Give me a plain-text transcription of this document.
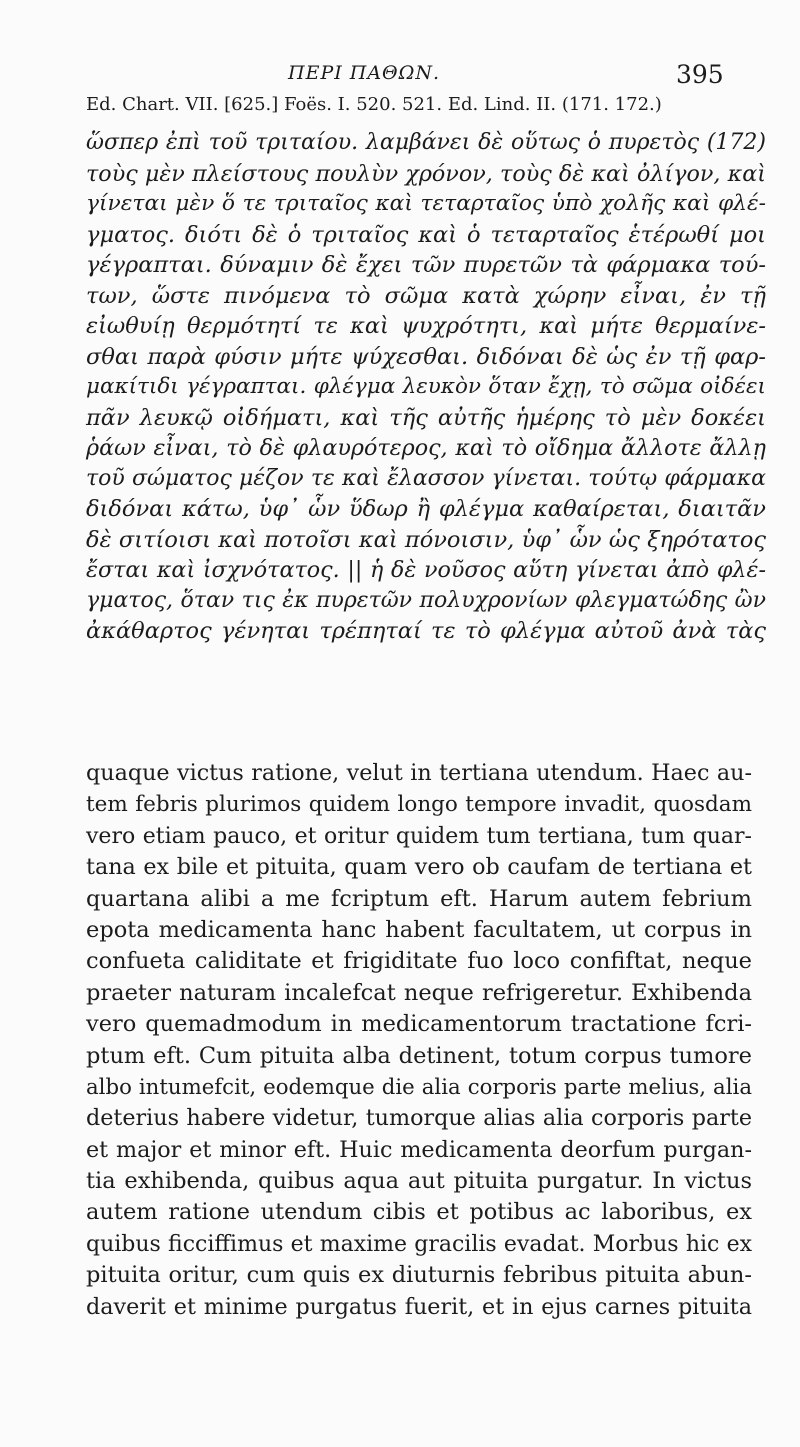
ΠΕΡΙ ΠΑΘΩΝ.	395
Ed. Chart. VII. [625.] Foës. I. 520. 521. Ed. Lind. II. (171. 172.)
ὥσπερ ἐπὶ τοῦ τριταίου. λαμβάνει δὲ οὕτως ὁ πυρετὸς (172)
τοὺς μὲν πλείστους πουλὺν χρόνον, τοὺς δὲ καὶ ὀλίγον, καὶ
γίνεται μὲν ὅ τε τριταῖος καὶ τεταρταῖος ὑπὸ χολῆς καὶ φλέ-
γματος. διότι δὲ ὁ τριταῖος καὶ ὁ τεταρταῖος ἑτέρωθί μοι
γέγραπται. δύναμιν δὲ ἔχει τῶν πυρετῶν τὰ φάρμακα τού-
των, ὥστε πινόμενα τὸ σῶμα κατὰ χώρην εἶναι, ἐν τῇ
εἰωθυίῃ θερμότητί τε καὶ ψυχρότητι, καὶ μήτε θερμαίνε-
σθαι παρὰ φύσιν μήτε ψύχεσθαι. διδόναι δὲ ὡς ἐν τῇ φαρ-
μακίτιδι γέγραπται. φλέγμα λευκὸν ὅταν ἔχῃ, τὸ σῶμα οἰδέει
πᾶν λευκῷ οἰδήματι, καὶ τῆς αὐτῆς ἡμέρης τὸ μὲν δοκέει
ῥάων εἶναι, τὸ δὲ φλαυρότερος, καὶ τὸ οἴδημα ἄλλοτε ἄλλῃ
τοῦ σώματος μέζον τε καὶ ἔλασσον γίνεται. τούτῳ φάρμακα
διδόναι κάτω, ὑφ᾽ ὧν ὕδωρ ἢ φλέγμα καθαίρεται, διαιτᾶν
δὲ σιτίοισι καὶ ποτοῖσι καὶ πόνοισιν, ὑφ᾽ ὧν ὡς ξηρότατος
ἔσται καὶ ἰσχνότατος. || ἡ δὲ νοῦσος αὕτη γίνεται ἀπὸ φλέ-
γματος, ὅταν τις ἐκ πυρετῶν πολυχρονίων φλεγματώδης ὢν
ἀκάθαρτος γένηται τρέπηταί τε τὸ φλέγμα αὐτοῦ ἀνὰ τὰς
quaque victus ratione, velut in tertiana utendum. Haec au-
tem febris plurimos quidem longo tempore invadit, quosdam
vero etiam pauco, et oritur quidem tum tertiana, tum quar-
tana ex bile et pituita, quam vero ob caufam de tertiana et
quartana alibi a me fcriptum eft. Harum autem febrium
epota medicamenta hanc habent facultatem, ut corpus in
confueta caliditate et frigiditate fuo loco confiftat, neque
praeter naturam incalefcat neque refrigeretur. Exhibenda
vero quemadmodum in medicamentorum tractatione fcri-
ptum eft. Cum pituita alba detinent, totum corpus tumore
albo intumefcit, eodemque die alia corporis parte melius, alia
deterius habere videtur, tumorque alias alia corporis parte
et major et minor eft. Huic medicamenta deorfum purgan-
tia exhibenda, quibus aqua aut pituita purgatur. In victus
autem ratione utendum cibis et potibus ac laboribus, ex
quibus ficciffimus et maxime gracilis evadat. Morbus hic ex
pituita oritur, cum quis ex diuturnis febribus pituita abun-
daverit et minime purgatus fuerit, et in ejus carnes pituita
